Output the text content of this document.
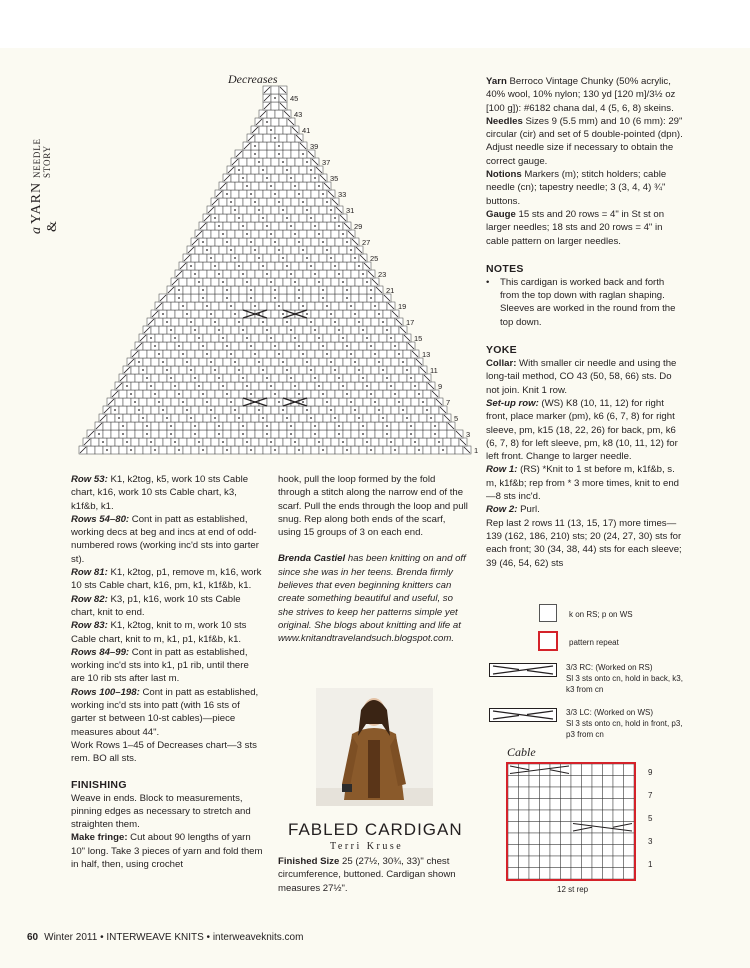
a
YARN
&
NEEDLE STORY
Decreases
1
3
5
7
9
11
13
15
17
19
21
23
25
27
29
31
33
35
37
39
41
43
45

Row 53: K1, k2tog, k5, work 10 sts Cable chart, k16, work 10 sts Cable chart, k3, k1f&b, k1.

Rows 54–80: Cont in patt as established, working decs at beg and incs at end of odd-numbered rows (working inc'd sts into garter st).

Row 81: K1, k2tog, p1, remove m, k16, work 10 sts Cable chart, k16, pm, k1, k1f&b, k1.

Row 82: K3, p1, k16, work 10 sts Cable chart, knit to end.

Row 83: K1, k2tog, knit to m, work 10 sts Cable chart, knit to m, k1, p1, k1f&b, k1.

Rows 84–99: Cont in patt as established, working inc'd sts into k1, p1 rib, until there are 10 rib sts after last m.

Rows 100–198: Cont in patt as established, working inc'd sts into patt (with 16 sts of garter st between 10-st cables)—piece measures about 44".

Work Rows 1–45 of Decreases chart—3 sts rem. BO all sts.

FINISHING

Weave in ends. Block to measurements, pinning edges as necessary to stretch and straighten them.

Make fringe: Cut about 90 lengths of yarn 10" long. Take 3 pieces of yarn and fold them in half, then, using crochet

hook, pull the loop formed by the fold through a stitch along the narrow end of the scarf. Pull the ends through the loop and pull snug. Rep along both ends of the scarf, using 15 groups of 3 on each end.

Brenda Castiel has been knitting on and off since she was in her teens. Brenda firmly believes that even beginning knitters can create something beautiful and useful, so she strives to keep her patterns simple yet original. She blogs about knitting and life at www.knitandtravelandsuch.blogspot.com.

FABLED CARDIGAN
Terri Kruse

Finished Size 25 (27½, 30¾, 33)" chest circumference, buttoned. Cardigan shown measures 27½".

Yarn Berroco Vintage Chunky (50% acrylic, 40% wool, 10% nylon; 130 yd [120 m]/3½ oz [100 g]): #6182 chana dal, 4 (5, 6, 8) skeins.

Needles Sizes 9 (5.5 mm) and 10 (6 mm): 29" circular (cir) and set of 5 double-pointed (dpn). Adjust needle size if necessary to obtain the correct gauge.

Notions Markers (m); stitch holders; cable needle (cn); tapestry needle; 3 (3, 4, 4) ¾" buttons.

Gauge 15 sts and 20 rows = 4" in St st on larger needles; 18 sts and 20 rows = 4" in cable pattern on larger needles.

NOTES

•	This cardigan is worked back and forth from the top down with raglan shaping. Sleeves are worked in the round from the top down.

YOKE

Collar: With smaller cir needle and using the long-tail method, CO 43 (50, 58, 66) sts. Do not join. Knit 1 row.

Set-up row: (WS) K8 (10, 11, 12) for right front, place marker (pm), k6 (6, 7, 8) for right sleeve, pm, k15 (18, 22, 26) for back, pm, k6 (6, 7, 8) for left sleeve, pm, k8 (10, 11, 12) for left front. Change to larger needle.

Row 1: (RS) *Knit to 1 st before m, k1f&b, s. m, k1f&b; rep from * 3 more times, knit to end—8 sts inc'd.

Row 2: Purl.

Rep last 2 rows 11 (13, 15, 17) more times—139 (162, 186, 210) sts; 20 (24, 27, 30) sts for each front; 30 (34, 38, 44) sts for each sleeve; 39 (46, 54, 62) sts

k on RS; p on WS
pattern repeat
3/3 RC: (Worked on RS)
Sl 3 sts onto cn, hold in back, k3, k3 from cn
3/3 LC: (Worked on WS)
Sl 3 sts onto cn, hold in front, p3, p3 from cn
Cable
9
7
5
3
1
12 st rep
60 Winter 2011 • INTERWEAVE KNITS • interweaveknits.com
